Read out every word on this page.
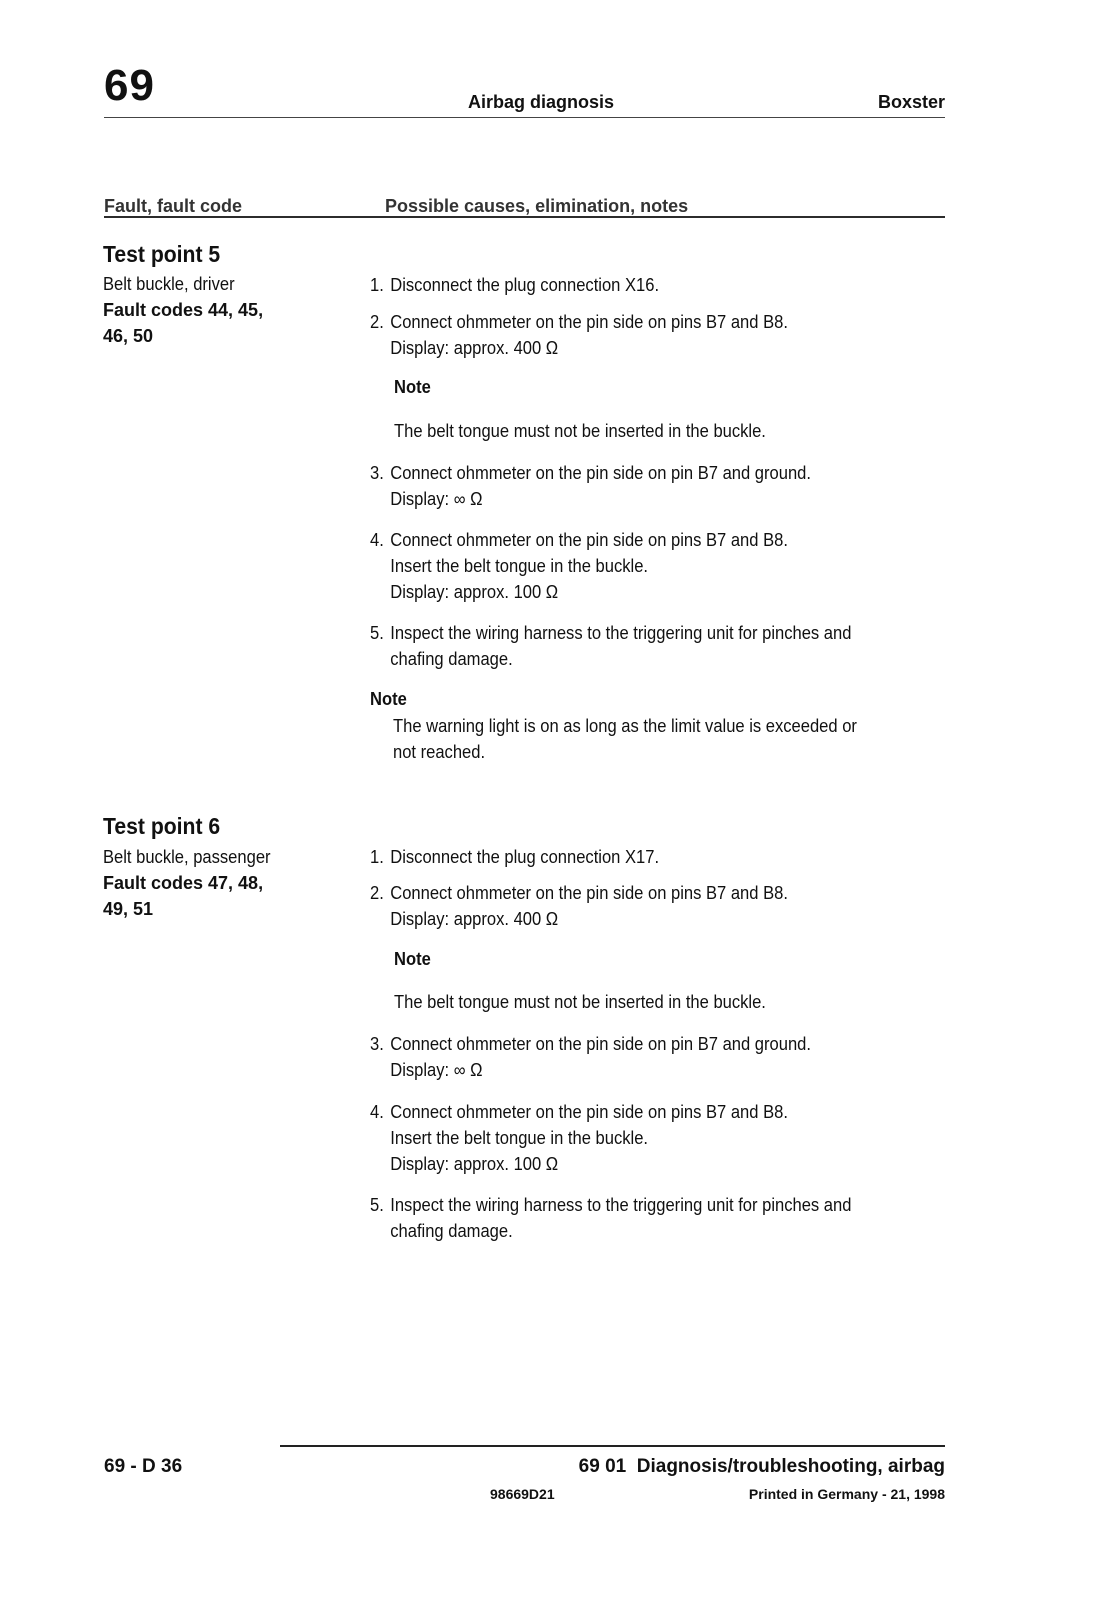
69	Airbag diagnosis	Boxster
Fault, fault code	Possible causes, elimination, notes
Test point 5
Belt buckle, driver
Fault codes 44, 45,
46, 50
1. Disconnect the plug connection X16.
2. Connect ohmmeter on the pin side on pins B7 and B8.
Display: approx. 400 Ω
Note
The belt tongue must not be inserted in the buckle.
3. Connect ohmmeter on the pin side on pin B7 and ground.
Display: ∞ Ω
4. Connect ohmmeter on the pin side on pins B7 and B8.
Insert the belt tongue in the buckle.
Display: approx. 100 Ω
5. Inspect the wiring harness to the triggering unit for pinches and
chafing damage.
Note
The warning light is on as long as the limit value is exceeded or
not reached.
Test point 6
Belt buckle, passenger
Fault codes 47, 48,
49, 51
1. Disconnect the plug connection X17.
2. Connect ohmmeter on the pin side on pins B7 and B8.
Display: approx. 400 Ω
Note
The belt tongue must not be inserted in the buckle.
3. Connect ohmmeter on the pin side on pin B7 and ground.
Display: ∞ Ω
4. Connect ohmmeter on the pin side on pins B7 and B8.
Insert the belt tongue in the buckle.
Display: approx. 100 Ω
5. Inspect the wiring harness to the triggering unit for pinches and
chafing damage.
69 - D 36	69 01  Diagnosis/troubleshooting, airbag
98669D21	Printed in Germany - 21, 1998
